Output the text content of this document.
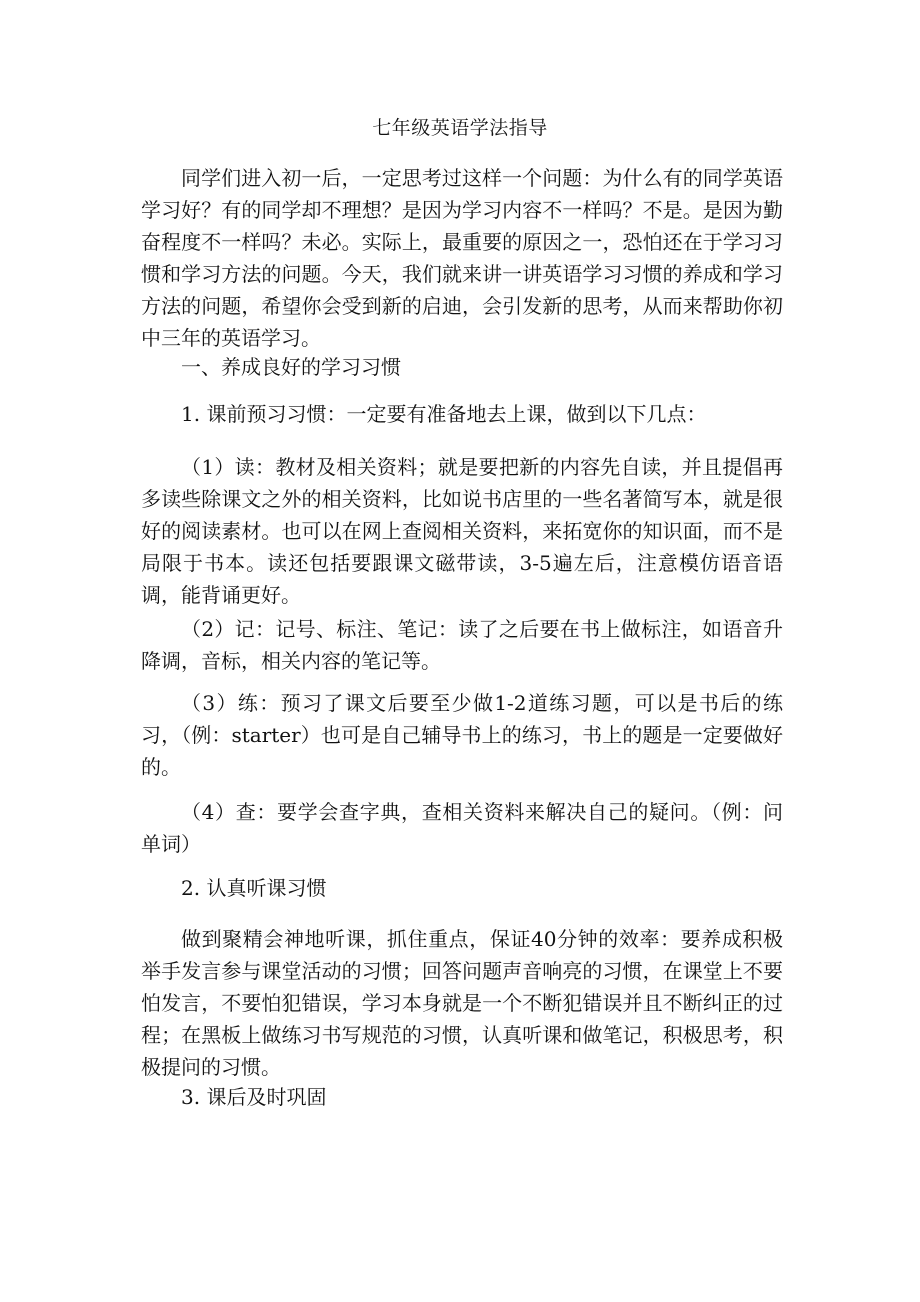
七年级英语学法指导

同学们进入初一后，一定思考过这样一个问题：为什么有的同学英语学习好？有的同学却不理想？是因为学习内容不一样吗？不是。是因为勤奋程度不一样吗？未必。实际上，最重要的原因之一，恐怕还在于学习习惯和学习方法的问题。今天，我们就来讲一讲英语学习习惯的养成和学习方法的问题，希望你会受到新的启迪，会引发新的思考，从而来帮助你初中三年的英语学习。

一、养成良好的学习习惯

1. 课前预习习惯：一定要有准备地去上课，做到以下几点：

（1）读：教材及相关资料；就是要把新的内容先自读，并且提倡再多读些除课文之外的相关资料，比如说书店里的一些名著简写本，就是很好的阅读素材。也可以在网上查阅相关资料，来拓宽你的知识面，而不是局限于书本。读还包括要跟课文磁带读，3-5遍左后，注意模仿语音语调，能背诵更好。

（2）记：记号、标注、笔记：读了之后要在书上做标注，如语音升降调，音标，相关内容的笔记等。

（3）练：预习了课文后要至少做1-2道练习题，可以是书后的练习，（例：starter）也可是自己辅导书上的练习，书上的题是一定要做好的。

（4）查：要学会查字典，查相关资料来解决自己的疑问。（例：问单词）

2. 认真听课习惯

做到聚精会神地听课，抓住重点，保证40分钟的效率：要养成积极举手发言参与课堂活动的习惯；回答问题声音响亮的习惯，在课堂上不要怕发言，不要怕犯错误，学习本身就是一个不断犯错误并且不断纠正的过程；在黑板上做练习书写规范的习惯，认真听课和做笔记，积极思考，积极提问的习惯。

3. 课后及时巩固
